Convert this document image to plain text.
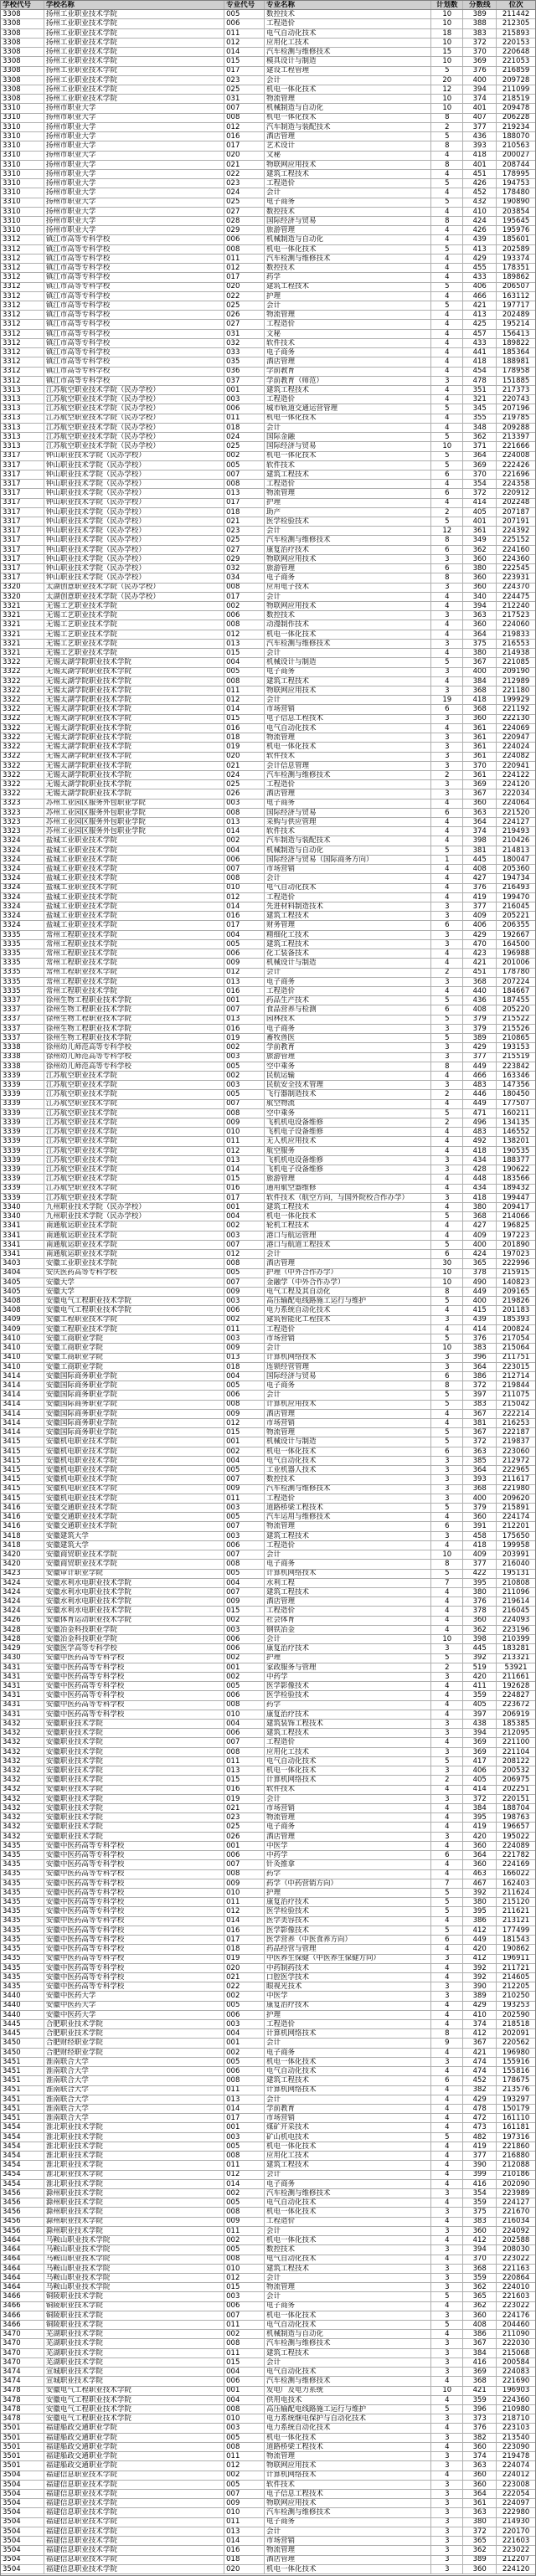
学校代号	学校名称	专业代号	专业名称	计划数	分数线	位次
3308	扬州工业职业技术学院	005	数控技术	10	389	211442
3308	扬州工业职业技术学院	006	工程造价	10	388	212305
3308	扬州工业职业技术学院	011	电气自动化技术	18	383	215893
3308	扬州工业职业技术学院	012	应用化工技术	10	372	220153
3308	扬州工业职业技术学院	014	汽车检测与维修技术	15	370	220648
3308	扬州工业职业技术学院	015	模具设计与制造	10	369	221053
3308	扬州工业职业技术学院	017	建设工程管理	5	376	216859
3308	扬州工业职业技术学院	023	会计	20	400	209728
3308	扬州工业职业技术学院	025	机电一体化技术	12	394	211099
3308	扬州工业职业技术学院	031	物流管理	10	374	218519
3310	扬州市职业大学	007	机械制造与自动化	10	401	209478
3310	扬州市职业大学	008	机电一体化技术	8	407	206228
3310	扬州市职业大学	012	汽车制造与装配技术	2	377	219234
3310	扬州市职业大学	016	酒店管理	5	436	188070
3310	扬州市职业大学	017	艺术设计	8	393	210563
3310	扬州市职业大学	020	文秘	4	418	200027
3310	扬州市职业大学	021	物联网应用技术	8	401	208744
3310	扬州市职业大学	022	建筑工程技术	4	451	178995
3310	扬州市职业大学	023	工程造价	5	426	194753
3310	扬州市职业大学	024	会计	4	452	178480
3310	扬州市职业大学	025	电子商务	5	432	190890
3310	扬州市职业大学	027	数控技术	4	410	203854
3310	扬州市职业大学	028	国际经济与贸易	8	424	195645
3310	扬州市职业大学	029	旅游管理	4	426	195976
3312	镇江市高等专科学校	006	机械制造与自动化	4	439	185601
3312	镇江市高等专科学校	008	机电一体化技术	5	413	202589
3312	镇江市高等专科学校	011	汽车检测与维修技术	4	429	193374
3312	镇江市高等专科学校	012	数控技术	4	455	178351
3312	镇江市高等专科学校	017	药学	4	433	189862
3312	镇江市高等专科学校	020	建筑工程技术	5	406	206507
3312	镇江市高等专科学校	022	护理	4	466	163112
3312	镇江市高等专科学校	025	会计	5	421	197717
3312	镇江市高等专科学校	026	物流管理	4	413	202489
3312	镇江市高等专科学校	027	工程造价	4	425	195214
3312	镇江市高等专科学校	031	文秘	4	457	156413
3312	镇江市高等专科学校	032	软件技术	4	433	189822
3312	镇江市高等专科学校	033	电子商务	4	441	185364
3312	镇江市高等专科学校	035	酒店管理	4	418	188981
3312	镇江市高等专科学校	036	学前教育	4	454	178958
3312	镇江市高等专科学校	037	学前教育（师范）	3	478	151885
3313	江苏航空职业技术学院（民办学校）	001	建筑工程技术	4	351	217373
3313	江苏航空职业技术学院（民办学校）	003	工程造价	4	321	220743
3313	江苏航空职业技术学院（民办学校）	006	城市轨道交通运营管理	5	345	207196
3313	江苏航空职业技术学院（民办学校）	011	机电一体化技术	4	355	219785
3313	江苏航空职业技术学院（民办学校）	018	会计	4	348	209288
3313	江苏航空职业技术学院（民办学校）	024	国际金融	5	362	213397
3313	江苏航空职业技术学院（民办学校）	025	国际经济与贸易	10	371	221666
3317	钟山职业技术学院（民办学校）	002	机电一体化技术	5	364	224008
3317	钟山职业技术学院（民办学校）	005	软件技术	5	369	222426
3317	钟山职业技术学院（民办学校）	007	建筑工程技术	6	370	221696
3317	钟山职业技术学院（民办学校）	008	工程造价	4	354	224358
3317	钟山职业技术学院（民办学校）	013	物流管理	6	372	220912
3317	钟山职业技术学院（民办学校）	017	护理	4	414	202248
3317	钟山职业技术学院（民办学校）	018	助产	2	405	207187
3317	钟山职业技术学院（民办学校）	021	医学检验技术	5	401	207191
3317	钟山职业技术学院（民办学校）	023	会计	12	361	224392
3317	钟山职业技术学院（民办学校）	025	汽车检测与维修技术	8	349	225152
3317	钟山职业技术学院（民办学校）	027	康复治疗技术	6	362	224160
3317	钟山职业技术学院（民办学校）	029	物联网应用技术	3	360	224360
3317	钟山职业技术学院（民办学校）	032	旅游管理	6	380	222545
3317	钟山职业技术学院（民办学校）	034	电子商务	8	360	223931
3320	太湖创意职业技术学院（民办学校）	008	应用电子技术	3	360	224370
3320	太湖创意职业技术学院（民办学校）	017	会计	4	340	224475
3321	无锡工艺职业技术学院	002	物联网应用技术	4	394	212240
3321	无锡工艺职业技术学院	006	数控技术	3	363	217523
3321	无锡工艺职业技术学院	008	动漫制作技术	4	360	224060
3321	无锡工艺职业技术学院	012	机电一体化技术	4	364	219833
3321	无锡工艺职业技术学院	013	汽车检测与维修技术	3	375	216553
3321	无锡工艺职业技术学院	015	会计	4	380	214938
3322	无锡太湖学院职业技术学院	004	机械设计与制造	5	367	221085
3322	无锡太湖学院职业技术学院	005	电子商务	3	400	209190
3322	无锡太湖学院职业技术学院	008	建筑工程技术	4	384	212989
3322	无锡太湖学院职业技术学院	011	物联网应用技术	3	368	221180
3322	无锡太湖学院职业技术学院	012	会计	19	418	199929
3322	无锡太湖学院职业技术学院	014	市场营销	6	368	221192
3322	无锡太湖学院职业技术学院	015	电子信息工程技术	3	360	222130
3322	无锡太湖学院职业技术学院	016	电气自动化技术	4	361	224069
3322	无锡太湖学院职业技术学院	018	物流管理	3	361	220947
3322	无锡太湖学院职业技术学院	019	机电一体化技术	3	361	224024
3322	无锡太湖学院职业技术学院	020	软件技术	3	361	224082
3322	无锡太湖学院职业技术学院	021	会计信息管理	3	370	220941
3322	无锡太湖学院职业技术学院	024	汽车检测与维修技术	2	361	224122
3322	无锡太湖学院职业技术学院	025	工程造价	3	369	224120
3322	无锡太湖学院职业技术学院	026	酒店管理	3	367	222034
3323	苏州工业园区服务外包职业学院	003	电子商务	4	360	224064
3323	苏州工业园区服务外包职业学院	008	国际经济与贸易	6	363	221520
3323	苏州工业园区服务外包职业学院	013	采购与供应管理	4	364	224127
3323	苏州工业园区服务外包职业学院	014	软件技术	4	374	219493
3324	盐城工业职业技术学院	002	汽车制造与装配技术	4	398	210426
3324	盐城工业职业技术学院	004	机械制造与自动化	5	381	214813
3324	盐城工业职业技术学院	006	国际经济与贸易（国际商务方向）	1	445	180047
3324	盐城工业职业技术学院	007	市场营销	4	408	205360
3324	盐城工业职业技术学院	008	会计	4	427	194734
3324	盐城工业职业技术学院	010	电气自动化技术	4	376	216493
3324	盐城工业职业技术学院	012	工程造价	4	419	199470
3324	盐城工业职业技术学院	014	先进材料制造技术	3	377	216045
3324	盐城工业职业技术学院	016	建筑工程技术	3	409	205221
3324	盐城工业职业技术学院	017	财务管理	6	406	206355
3335	常州工程职业技术学院	004	精细化工技术	3	429	192667
3335	常州工程职业技术学院	005	建筑工程技术	3	470	164500
3335	常州工程职业技术学院	006	化工装备技术	4	423	196988
3335	常州工程职业技术学院	009	机械设计与制造	4	421	201006
3335	常州工程职业技术学院	012	会计	2	451	178780
3335	常州工程职业技术学院	013	电子商务	3	368	207224
3335	常州工程职业技术学院	016	工程造价	4	440	184667
3337	徐州生物工程职业技术学院	001	药品生产技术	5	436	187455
3337	徐州生物工程职业技术学院	007	食品营养与检测	6	408	205220
3337	徐州生物工程职业技术学院	013	园林技术	5	379	215522
3337	徐州生物工程职业技术学院	016	电子商务	3	379	215526
3337	徐州生物工程职业技术学院	019	畜牧兽医	5	389	210865
3338	徐州幼儿师范高等专科学校	002	学前教育	3	429	193153
3338	徐州幼儿师范高等专科学校	003	旅游管理	3	377	215519
3338	徐州幼儿师范高等专科学校	005	空中乘务	8	449	223842
3339	江苏航空职业技术学院	002	民航运输	4	466	163346
3339	江苏航空职业技术学院	003	民航安全技术管理	3	483	147356
3339	江苏航空职业技术学院	005	飞行器制造技术	2	446	180450
3339	江苏航空职业技术学院	007	航空物流	4	449	177507
3339	江苏航空职业技术学院	008	空中乘务	5	471	160211
3339	江苏航空职业技术学院	009	飞机机电设备维修	2	496	134135
3339	江苏航空职业技术学院	010	飞机电子设备维修	4	483	146552
3339	江苏航空职业技术学院	011	无人机应用技术	4	492	138201
3339	江苏航空职业技术学院	012	航空服务	4	418	190535
3339	江苏航空职业技术学院	013	飞机机电设备维修	3	434	188377
3339	江苏航空职业技术学院	014	飞机电子设备维修	3	428	190622
3339	江苏航空职业技术学院	015	旅游管理	4	448	183566
3339	江苏航空职业技术学院	016	通用航空器维修	4	434	189432
3339	江苏航空职业技术学院	017	软件技术（航空方向，与国外院校合作办学）	3	418	199447
3340	九州职业技术学院（民办学校）	001	建筑工程技术	4	380	209417
3340	九州职业技术学院（民办学校）	004	机电一体化技术	5	368	214066
3341	南通航运职业技术学院	002	轮机工程技术	4	427	196825
3341	南通航运职业技术学院	003	港口与航运管理	4	409	197223
3341	南通航运职业技术学院	007	港口与航道工程技术	5	400	201890
3341	南通航运职业技术学院	012	会计	6	424	197023
3403	安徽工业职业技术学院	008	酒店管理	30	365	222996
3404	安庆医药高等专科学校	005	护理（中外合作办学）	10	378	215915
3405	安徽大学	007	金融学（中外合作办学）	10	490	140823
3405	安徽大学	009	电气工程及其自动化	8	449	209165
3408	安徽电气工程职业技术学院	003	高压输配电线路施工运行与维护	5	400	219826
3408	安徽电气工程职业技术学院	006	电力系统自动化技术	4	415	201183
3409	安徽工程职业技术学院	002	建筑智能化工程技术	3	439	185393
3409	安徽工程职业技术学院	011	工程造价	4	414	200824
3410	安徽工商职业学院	003	市场营销	5	376	217054
3410	安徽工商职业学院	009	会计	10	383	215064
3410	安徽工商职业学院	013	计算机网络技术	3	396	211751
3410	安徽工商职业学院	018	连锁经营管理	3	364	223015
3414	安徽国际商务职业学院	004	国际经济与贸易	6	386	212714
3414	安徽国际商务职业学院	005	电子商务	8	372	219844
3414	安徽国际商务职业学院	006	会计	5	397	211075
3414	安徽国际商务职业学院	008	计算机应用技术	5	383	215042
3414	安徽国际商务职业学院	009	酒店管理	4	367	222214
3414	安徽国际商务职业学院	012	市场营销	4	381	216253
3414	安徽国际商务职业学院	015	物流管理	5	367	222187
3415	安徽机电职业技术学院	001	机械设计与制造	5	372	219837
3415	安徽机电职业技术学院	002	机电一体化技术	6	363	223060
3415	安徽机电职业技术学院	004	电气自动化技术	3	385	212972
3415	安徽机电职业技术学院	005	工业机器人技术	3	364	222965
3415	安徽机电职业技术学院	007	数控技术	3	393	211617
3415	安徽机电职业技术学院	009	汽车检测与维修技术	3	368	221980
3415	安徽机电职业技术学院	011	工程造价	3	400	209620
3416	安徽交通职业技术学院	003	道路桥梁工程技术	5	379	215891
3416	安徽交通职业技术学院	005	汽车运用与维修技术	4	360	224174
3416	安徽交通职业技术学院	007	物流管理	6	391	212201
3418	安徽建筑大学	003	建筑工程技术	3	458	175650
3418	安徽建筑大学	006	工程造价	4	418	199958
3420	安徽商贸职业技术学院	007	会计	10	409	203991
3420	安徽商贸职业技术学院	008	电子商务	8	377	216040
3423	安徽审计职业学院	005	计算机网络技术	5	422	195131
3424	安徽水利水电职业技术学院	004	水利工程	7	395	210808
3424	安徽水利水电职业技术学院	007	建筑工程技术	4	380	211096
3424	安徽水利水电职业技术学院	009	酒店管理	4	376	219614
3424	安徽水利水电职业技术学院	015	工程造价	4	378	216045
3426	安徽体育运动职业技术学院	002	社会体育	4	360	224093
3428	安徽冶金科技职业学院	003	钢铁冶金	4	362	223196
3428	安徽冶金科技职业学院	006	会计	10	398	210399
3429	安徽医学高等专科学校	006	康复治疗技术	3	445	183281
3430	安徽中医药高等专科学校	002	护理	5	392	213321
3431	安徽中医药高等专科学校	001	家政服务与管理	2	519	53921
3431	安徽中医药高等专科学校	002	中药学	3	420	211661
3431	安徽中医药高等专科学校	005	医学影像技术	4	411	192628
3431	安徽中医药高等专科学校	006	医学检验技术	4	359	224827
3431	安徽中医药高等专科学校	008	药学	4	405	223672
3431	安徽中医药高等专科学校	010	康复治疗技术	4	397	206919
3432	安徽职业技术学院	004	建筑装饰工程技术	3	438	185385
3432	安徽职业技术学院	006	建筑工程技术	3	394	212095
3432	安徽职业技术学院	007	工程造价	4	369	221100
3432	安徽职业技术学院	008	应用化工技术	3	369	221104
3432	安徽职业技术学院	011	电气自动化技术	5	417	208122
3432	安徽职业技术学院	013	机电一体化技术	3	406	200532
3432	安徽职业技术学院	015	计算机网络技术	2	405	206975
3432	安徽职业技术学院	016	软件技术	4	414	202251
3432	安徽职业技术学院	019	会计	3	372	220151
3432	安徽职业技术学院	021	市场营销	4	384	188704
3432	安徽职业技术学院	023	物流管理	4	395	198763
3432	安徽职业技术学院	025	电子商务	4	419	196657
3432	安徽职业技术学院	026	酒店管理	3	420	195022
3435	安徽中医药高等专科学校	001	中医学	4	360	224089
3435	安徽中医药高等专科学校	006	中药学	6	364	221782
3435	安徽中医药高等专科学校	007	针灸推拿	4	360	224169
3435	安徽中医药高等专科学校	008	药学	4	463	166022
3435	安徽中医药高等专科学校	009	药学（中药营销方向）	7	467	162403
3435	安徽中医药高等专科学校	010	护理	5	392	211624
3435	安徽中医药高等专科学校	011	康复治疗技术	5	380	215120
3435	安徽中医药高等专科学校	012	医学检验技术	5	395	211621
3435	安徽中医药高等专科学校	014	医学美容技术	4	386	213121
3435	安徽中医药高等专科学校	016	医学影像技术	5	412	177499
3435	安徽中医药高等专科学校	017	医学营养（中医食养方向）	6	449	181543
3435	安徽中医药高等专科学校	018	药品经营与管理	4	420	190862
3435	安徽中医药高等专科学校	019	中医养生保健（中医养生保健方向）	3	412	196911
3435	安徽中医药高等专科学校	020	中药制药技术	4	392	211721
3435	安徽中医药高等专科学校	021	口腔医学技术	4	392	214605
3435	安徽中医药高等专科学校	022	眼视光技术	3	390	212205
3440	安徽中医药大学	002	中医学	3	389	210250
3440	安徽中医药大学	005	康复治疗技术	4	429	193253
3440	安徽中医药大学	006	护理	4	410	202590
3445	合肥职业技术学院	003	工程造价	4	374	218518
3445	合肥职业技术学院	004	计算机网络技术	8	412	202091
3450	合肥财经职业学院	001	会计	9	367	220562
3450	合肥财经职业学院	002	电子商务	4	421	196980
3451	淮南联合大学	005	机电一体化技术	3	474	155916
3451	淮南联合大学	006	电气自动化技术	4	474	155816
3451	淮南联合大学	008	建筑工程技术	6	452	178675
3451	淮南联合大学	011	计算机网络技术	4	382	213576
3451	淮南联合大学	013	会计	4	429	193297
3451	淮南联合大学	014	学前教育	4	478	150179
3451	淮南联合大学	017	市场营销	4	472	161110
3454	淮北职业技术学院	001	煤矿开采技术	4	473	161181
3454	淮北职业技术学院	003	矿山机电技术	5	482	197316
3454	淮北职业技术学院	005	机电一体化技术	4	419	221860
3454	淮北职业技术学院	008	应用化工技术	4	377	216880
3454	淮北职业技术学院	011	建筑工程技术	4	390	212088
3454	淮北职业技术学院	012	会计	4	399	210186
3454	淮北职业技术学院	014	电子商务	4	416	202090
3456	滁州职业技术学院	002	汽车检测与维修技术	3	354	223989
3456	滁州职业技术学院	005	电气自动化技术	4	359	224127
3456	滁州职业技术学院	008	机电一体化技术	3	375	221670
3456	滁州职业技术学院	009	工程造价	4	383	216034
3456	滁州职业技术学院	011	会计	3	360	224092
3464	马鞍山职业技术学院	002	机电一体化技术	4	412	202588
3464	马鞍山职业技术学院	005	数控技术	3	394	208030
3464	马鞍山职业技术学院	008	电气自动化技术	4	370	223022
3464	马鞍山职业技术学院	010	建筑工程技术	3	368	221163
3464	马鞍山职业技术学院	012	会计	3	359	220864
3464	马鞍山职业技术学院	015	物流管理	3	362	224010
3466	铜陵职业技术学院	003	会计	5	365	221603
3466	铜陵职业技术学院	006	电子商务	4	362	223022
3466	铜陵职业技术学院	007	机电一体化技术	3	360	224176
3466	铜陵职业技术学院	011	电气自动化技术	5	408	204460
3470	芜湖职业技术学院	002	机械制造与自动化	4	386	211090
3470	芜湖职业技术学院	008	汽车检测与维修技术	3	367	222030
3470	芜湖职业技术学院	011	建筑工程技术	3	384	215068
3470	芜湖职业技术学院	015	会计	3	416	200584
3474	宣城职业技术学院	004	电气自动化技术	3	369	224083
3474	宣城职业技术学院	006	汽车检测与维修技术	4	368	221690
3478	安徽电气工程职业技术学院	001	发电厂及电力系统	10	421	196903
3478	安徽电气工程职业技术学院	004	供用电技术	4	359	224360
3478	安徽电气工程职业技术学院	008	高压输配电线路施工运行与维护	5	396	210980
3478	安徽电气工程职业技术学院	010	电力系统继电保护与自动化技术	3	373	218710
3501	福建船政交通职业学院	003	电力系统自动化技术	4	376	223103
3501	福建船政交通职业学院	005	机电一体化技术	3	382	213540
3501	福建船政交通职业学院	008	道路桥梁工程技术	4	360	223090
3501	福建船政交通职业学院	011	物流管理	3	374	219478
3501	福建船政交通职业学院	012	物联网应用技术	3	363	224074
3504	福建信息职业技术学院	002	计算机网络技术	4	360	224012
3504	福建信息职业技术学院	005	软件技术	3	360	223008
3504	福建信息职业技术学院	007	电子信息工程技术	3	364	222054
3504	福建信息职业技术学院	009	物联网应用技术	3	361	224097
3504	福建信息职业技术学院	010	汽车检测与维修技术	3	363	222980
3504	福建信息职业技术学院	011	电子商务	3	380	214930
3504	福建信息职业技术学院	013	会计	3	372	220170
3504	福建信息职业技术学院	014	市场营销	3	365	221603
3504	福建信息职业技术学院	016	物流管理	3	362	223022
3504	福建信息职业技术学院	018	酒店管理	3	389	212207
3504	福建信息职业技术学院	020	机电一体化技术	3	360	224120
